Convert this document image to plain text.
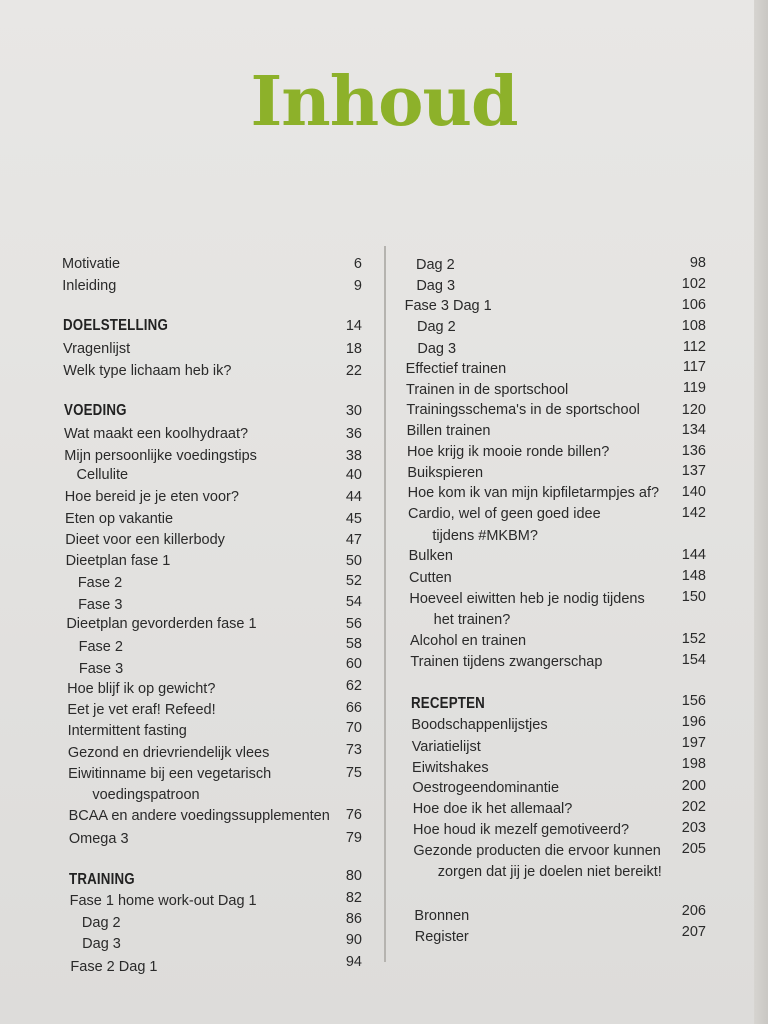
Inhoud
Motivatie	6
Inleiding	9
DOELSTELLING	14
Vragenlijst	18
Welk type lichaam heb ik?	22
VOEDING	30
Wat maakt een koolhydraat?	36
Mijn persoonlijke voedingstips	38
Cellulite	40
Hoe bereid je je eten voor?	44
Eten op vakantie	45
Dieet voor een killerbody	47
Dieetplan fase 1	50
Fase 2	52
Fase 3	54
Dieetplan gevorderden fase 1	56
Fase 2	58
Fase 3	60
Hoe blijf ik op gewicht?	62
Eet je vet eraf! Refeed!	66
Intermittent fasting	70
Gezond en drievriendelijk vlees	73
Eiwitinname bij een vegetarisch	75
voedingspatroon
BCAA en andere voedingssupplementen	76
Omega 3	79
TRAINING	80
Fase 1 home work-out Dag 1	82
Dag 2	86
Dag 3	90
Fase 2 Dag 1	94
Dag 2	98
Dag 3	102
Fase 3 Dag 1	106
Dag 2	108
Dag 3	112
Effectief trainen	117
Trainen in de sportschool	119
Trainingsschema's in de sportschool	120
Billen trainen	134
Hoe krijg ik mooie ronde billen?	136
Buikspieren	137
Hoe kom ik van mijn kipfiletarmpjes af?	140
Cardio, wel of geen goed idee	142
tijdens #MKBM?
Bulken	144
Cutten	148
Hoeveel eiwitten heb je nodig tijdens	150
het trainen?
Alcohol en trainen	152
Trainen tijdens zwangerschap	154
RECEPTEN	156
Boodschappenlijstjes	196
Variatielijst	197
Eiwitshakes	198
Oestrogeendominantie	200
Hoe doe ik het allemaal?	202
Hoe houd ik mezelf gemotiveerd?	203
Gezonde producten die ervoor kunnen	205
zorgen dat jij je doelen niet bereikt!
Bronnen	206
Register	207
